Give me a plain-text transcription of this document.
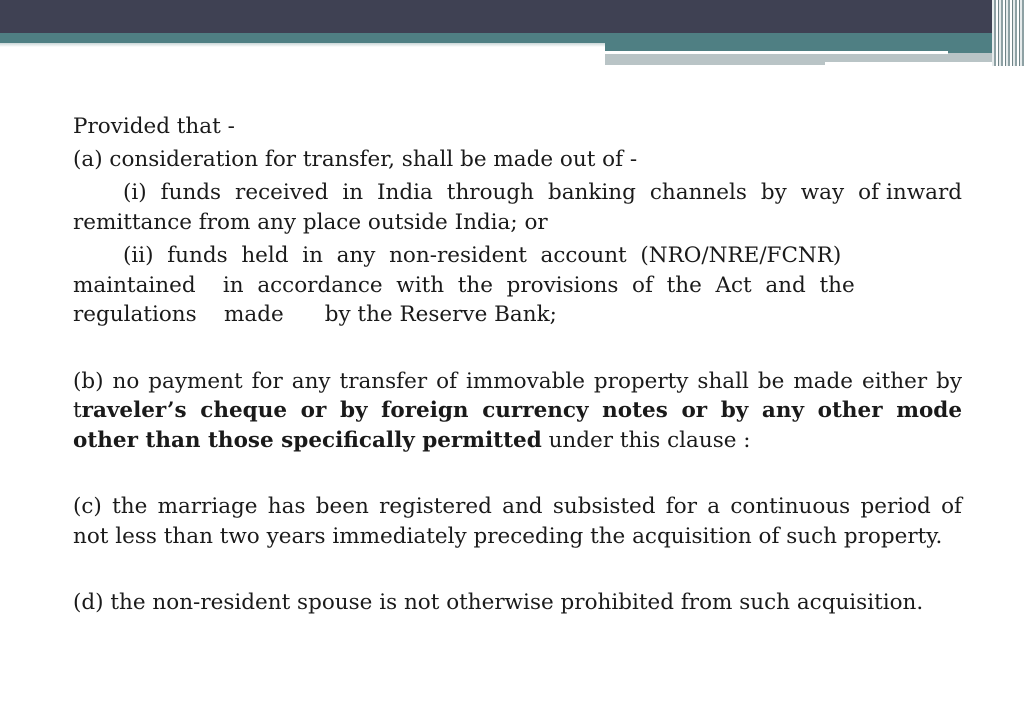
Provided that -

(a) consideration for transfer, shall be made out of -

(i)  funds  received  in  India  through  banking  channels  by  way  of inward remittance from any place outside India; or

(ii)  funds  held  in  any  non-resident  account  (NRO/NRE/FCNR) maintained    in  accordance  with  the  provisions  of  the  Act  and  the regulations    made      by the Reserve Bank;

(b) no payment for any transfer of immovable property shall be made either by traveler’s cheque or by foreign currency notes or by any other mode other than those specifically permitted under this clause :

(c) the marriage has been registered and subsisted for a continuous period of not less than two years immediately preceding the acquisition of such property.

(d) the non-resident spouse is not otherwise prohibited from such acquisition.
